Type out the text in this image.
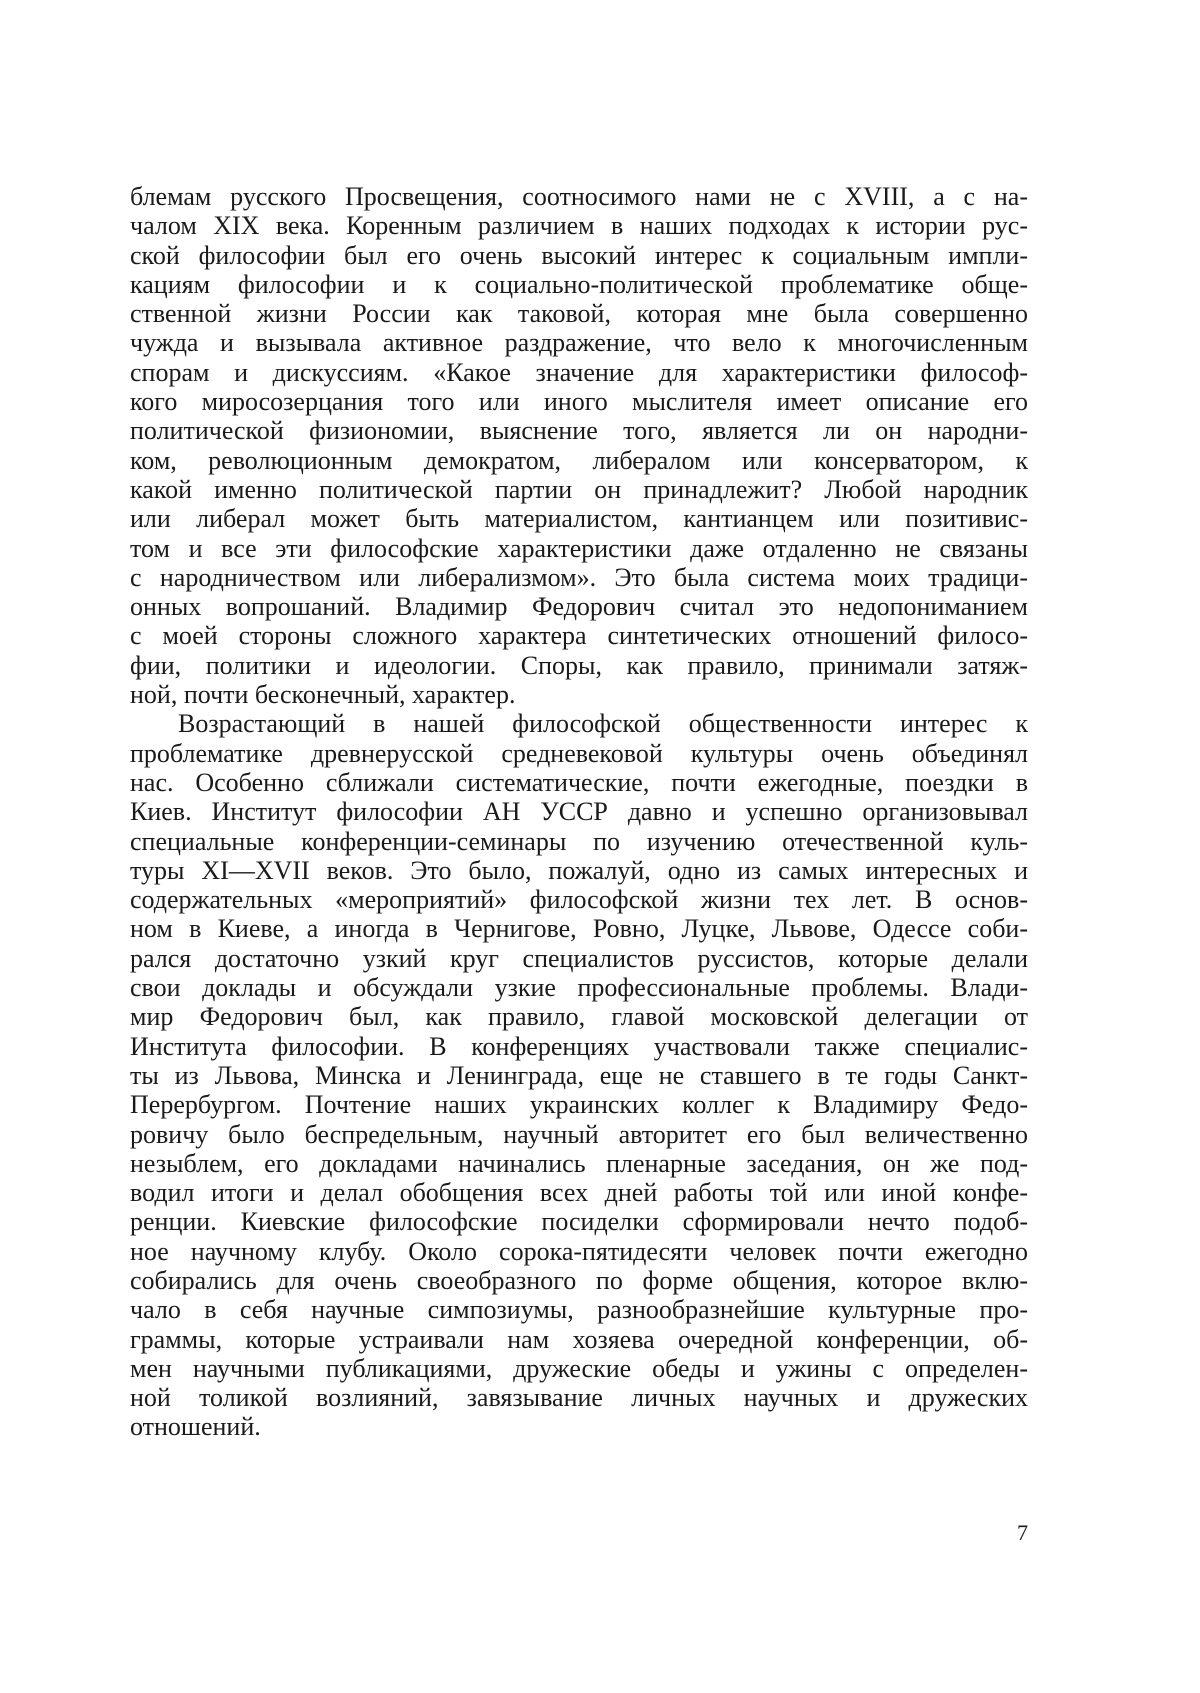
блемам русского Просвещения, соотносимого нами не с XVIII, а с на-
чалом XIX века. Коренным различием в наших подходах к истории рус-
ской философии был его очень высокий интерес к социальным импли-
кациям философии и к социально-политической проблематике обще-
ственной жизни России как таковой, которая мне была совершенно
чужда и вызывала активное раздражение, что вело к многочисленным
спорам и дискуссиям. «Какое значение для характеристики философ-
кого миросозерцания того или иного мыслителя имеет описание его
политической физиономии, выяснение того, является ли он народни-
ком, революционным демократом, либералом или консерватором, к
какой именно политической партии он принадлежит? Любой народник
или либерал может быть материалистом, кантианцем или позитивис-
том и все эти философские характеристики даже отдаленно не связаны
с народничеством или либерализмом». Это была система моих традици-
онных вопрошаний. Владимир Федорович считал это недопониманием
с моей стороны сложного характера синтетических отношений филосо-
фии, политики и идеологии. Споры, как правило, принимали затяж-
ной, почти бесконечный, характер.
Возрастающий в нашей философской общественности интерес к
проблематике древнерусской средневековой культуры очень объединял
нас. Особенно сближали систематические, почти ежегодные, поездки в
Киев. Институт философии АН УССР давно и успешно организовывал
специальные конференции-семинары по изучению отечественной куль-
туры XI—XVII веков. Это было, пожалуй, одно из самых интересных и
содержательных «мероприятий» философской жизни тех лет. В основ-
ном в Киеве, а иногда в Чернигове, Ровно, Луцке, Львове, Одессе соби-
рался достаточно узкий круг специалистов руссистов, которые делали
свои доклады и обсуждали узкие профессиональные проблемы. Влади-
мир Федорович был, как правило, главой московской делегации от
Института философии. В конференциях участвовали также специалис-
ты из Львова, Минска и Ленинграда, еще не ставшего в те годы Санкт-
Перербургом. Почтение наших украинских коллег к Владимиру Федо-
ровичу было беспредельным, научный авторитет его был величественно
незыблем, его докладами начинались пленарные заседания, он же под-
водил итоги и делал обобщения всех дней работы той или иной конфе-
ренции. Киевские философские посиделки сформировали нечто подоб-
ное научному клубу. Около сорока-пятидесяти человек почти ежегодно
собирались для очень своеобразного по форме общения, которое вклю-
чало в себя научные симпозиумы, разнообразнейшие культурные про-
граммы, которые устраивали нам хозяева очередной конференции, об-
мен научными публикациями, дружеские обеды и ужины с определен-
ной толикой возлияний, завязывание личных научных и дружеских
отношений.
7
